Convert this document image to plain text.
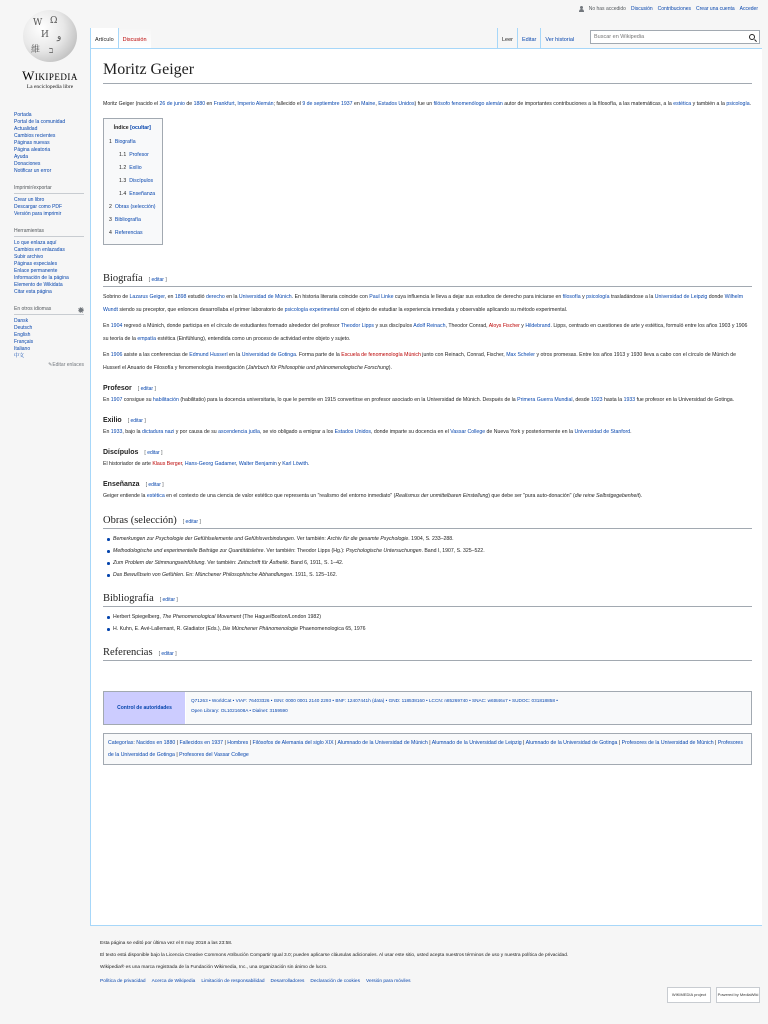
No has accedido Discusión Contribuciones Crear una cuenta Acceder
W Ω
И ﻭ
維 ב
Wikipedia
La enciclopedia libre
Portada
Portal de la comunidad
Actualidad
Cambios recientes
Páginas nuevas
Página aleatoria
Ayuda
Donaciones
Notificar un error
Imprimir/exportar
Crear un libro
Descargar como PDF
Versión para imprimir
Herramientas
Lo que enlaza aquí
Cambios en enlazadas
Subir archivo
Páginas especiales
Enlace permanente
Información de la página
Elemento de Wikidata
Citar esta página
En otros idiomas
Dansk
Deutsch
English
Français
Italiano
中文
✎Editar enlaces
Artículo	Discusión	Leer	Editar Ver historial
Buscar en Wikipedia
Moritz Geiger

Moritz Geiger (nacido el 26 de junio de 1880 en Frankfurt, Imperio Alemán; fallecido el 9 de septiembre 1937 en Maine, Estados Unidos) fue un filósofo fenomenólogo alemán autor de importantes contribuciones a la filosofía, a las matemáticas, a la estética y también a la psicología.

Índice [ocultar]
1 Biografía
1.1 Profesor
1.2 Exilio
1.3 Discípulos
1.4 Enseñanza
2 Obras (selección)
3 Bibliografía
4 Referencias
Biografía [ editar ]

Sobrino de Lazarus Geiger, en 1898 estudió derecho en la Universidad de Múnich. En historia literaria coincide con Paul Linke cuya influencia le lleva a dejar sus estudios de derecho para iniciarse en filosofía y psicología trasladándose a la Universidad de Leipzig donde Wilhelm Wundt siendo su preceptor, que enlonces desarrollaba el primer laboratorio de psicología experimental con el objeto de estudiar la experiencia inmediata y observable aplicando su método experimental.

En 1904 regresó a Múnich, donde participa en el círculo de estudiantes formado alrededor del profesor Theodor Lipps y sus discípulos Adolf Reinach, Theodor Conrad, Aloys Fischer y Hildebrand. Lipps, centrado en cuestiones de arte y estética, formuló entre los años 1903 y 1906 su teoría de la empatía estética (Einfühlung), entendida como un proceso de actividad entre objeto y sujeto.

En 1906 asiste a las conferencias de Edmund Husserl en la Universidad de Gotinga. Forma parte de la Escuela de fenomenología Múnich junto con Reinach, Conrad, Fischer, Max Scheler y otros promesas. Entre los años 1913 y 1930 lleva a cabo con el círculo de Múnich de Husserl el Anuario de Filosofía y fenomenología investigación (Jahrbuch für Philosophie und phänomenologische Forschung).

Profesor [ editar ]

En 1907 consigue su habilitación (habilitatio) para la docencia universitaria, lo que le permite en 1915 convertirse en profesor asociado en la Universidad de Múnich. Después de la Primera Guerra Mundial, desde 1923 hasta la 1933 fue profesor en la Universidad de Gotinga.

Exilio [ editar ]

En 1933, bajo la dictadura nazi y por causa de su ascendencia judía, se vio obligado a emigrar a los Estados Unidos, donde imparte su docencia en el Vassar College de Nueva York y posteriormente en la Universidad de Stanford.

Discípulos [ editar ]

El historiador de arte Klaus Berger, Hans-Georg Gadamer, Walter Benjamin y Karl Löwith.

Enseñanza [ editar ]

Geiger entiende la estética en el contexto de una ciencia de valor estético que representa un "realismo del entorno inmediato" (Realismus der unmittelbaren Einstellung) que debe ser "pura auto-donación" (die reine Selbstgegebenheit).

Obras (selección) [ editar ]
Bemerkungen zur Psychologie der Gefühlselemente und Gefühlsverbindungen. Ver también: Archiv für die gesamte Psychologie. 1904, S. 233–288.
Methodologische und experimentelle Beiträge zur Quantitätslehre. Ver también: Theodor Lipps (Hg.): Psychologische Untersuchungen. Band I, 1907, S. 325–522.
Zum Problem der Stimmungseinfühlung. Ver también: Zeitschrift für Ästhetik. Band 6, 1911, S. 1–42.
Das Bewußtsein von Gefühlen. En: Münchener Philosophische Abhandlungen. 1911, S. 125–162.
Bibliografía [ editar ]
Herbert Spiegelberg, The Phenomenological Movement (The Hague/Boston/London 1982)
H. Kuhn, E. Avé-Lallemant, R. Gladiator (Eds.), Die Münchener Phänomenologie Phaenomenologica 65, 1976
Referencias [ editar ]
Control de autoridades
Q71263 • WorldCat • VIAF: 76403326 • ISNI: 0000 0001 2140 2293 • BNF: 12407441h (data) • GND: 118538160 • LCCN: n85269740 • SNAC: w6t846x7 • SUDOC: 031818858 •
Open Library: OL1021608A • Dialnet: 3159590
Categorías: Nacidos en 1880 | Fallecidos en 1937 | Hombres | Filósofos de Alemania del siglo XIX | Alumnado de la Universidad de Múnich | Alumnado de la Universidad de Leipzig | Alumnado de la Universidad de Gotinga | Profesores de la Universidad de Múnich | Profesores de la Universidad de Gotinga | Profesores del Vassar College
Esta página se editó por última vez el 8 may 2018 a las 23:58.
El texto está disponible bajo la Licencia Creative Commons Atribución Compartir Igual 3.0; pueden aplicarse cláusulas adicionales. Al usar este sitio, usted acepta nuestros términos de uso y nuestra política de privacidad.
Wikipedia® es una marca registrada de la Fundación Wikimedia, Inc., una organización sin ánimo de lucro.
Política de privacidad Acerca de Wikipedia Limitación de responsabilidad Desarrolladores Declaración de cookies Versión para móviles
WIKIMEDIA project	Powered by MediaWiki
